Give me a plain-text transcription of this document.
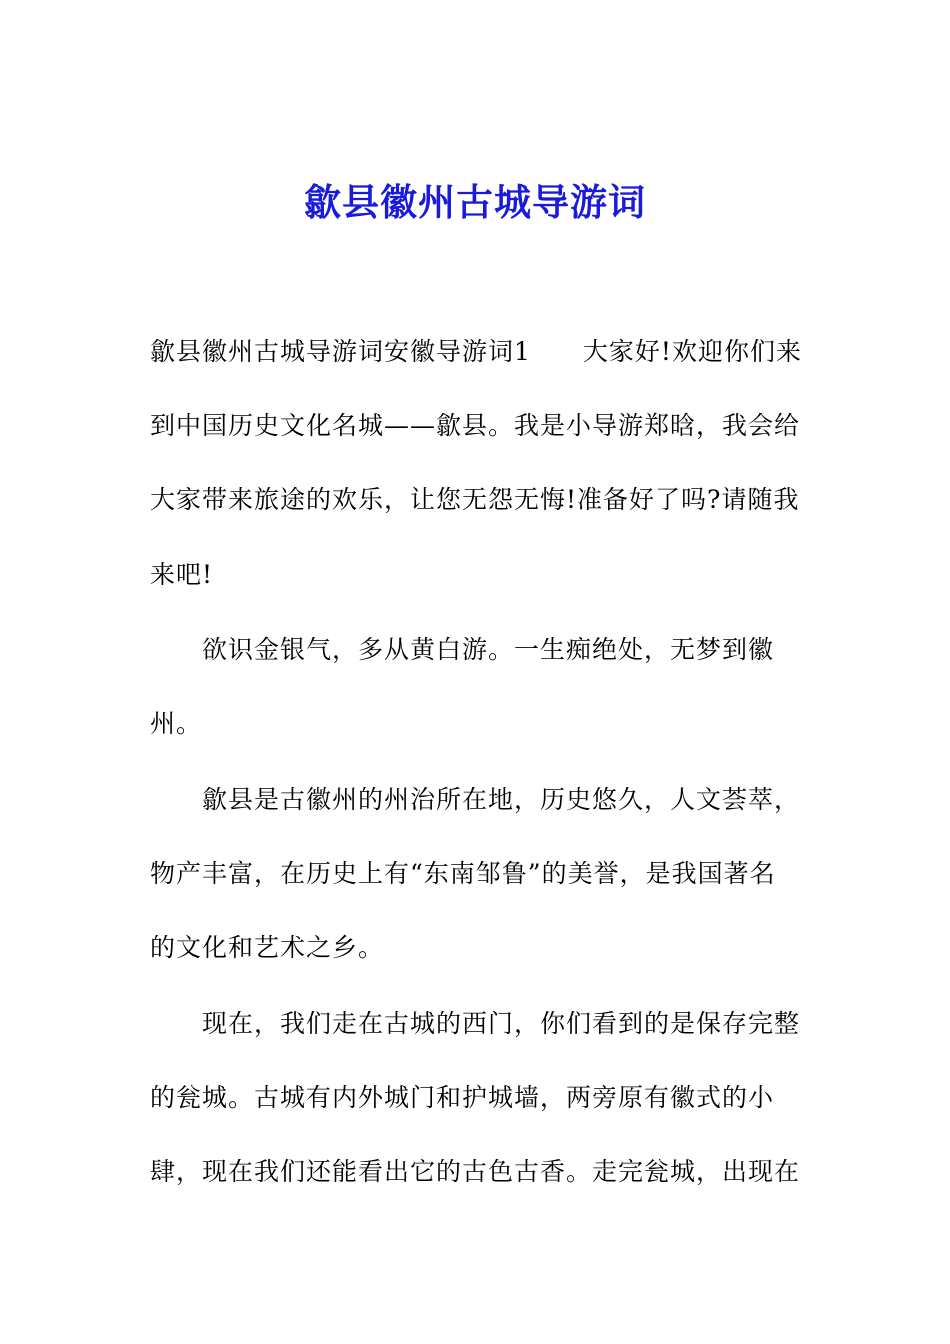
歙县徽州古城导游词
歙县徽州古城导游词安徽导游词1　　大家好!欢迎你们来
到中国历史文化名城——歙县。我是小导游郑晗，我会给
大家带来旅途的欢乐，让您无怨无悔!准备好了吗?请随我
来吧!
欲识金银气，多从黄白游。一生痴绝处，无梦到徽
州。
歙县是古徽州的州治所在地，历史悠久，人文荟萃，
物产丰富，在历史上有“东南邹鲁”的美誉，是我国著名
的文化和艺术之乡。
现在，我们走在古城的西门，你们看到的是保存完整
的瓮城。古城有内外城门和护城墙，两旁原有徽式的小
肆，现在我们还能看出它的古色古香。走完瓮城，出现在
